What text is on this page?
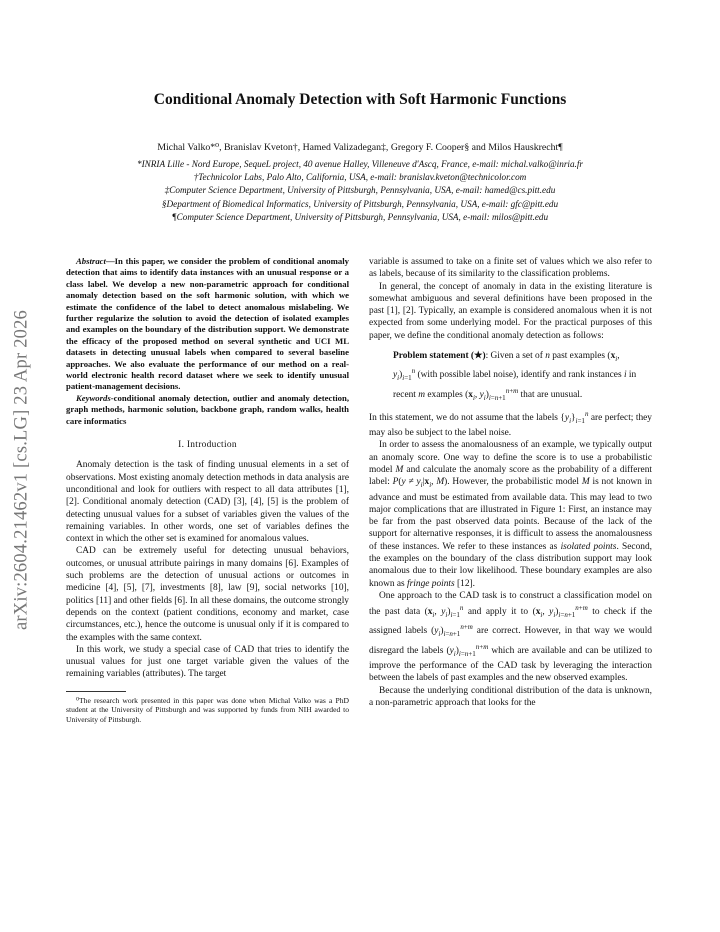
arXiv:2604.21462v1 [cs.LG] 23 Apr 2026
Conditional Anomaly Detection with Soft Harmonic Functions
Michal Valko*⁰, Branislav Kveton†, Hamed Valizadegan‡, Gregory F. Cooper§ and Milos Hauskrecht¶
*INRIA Lille - Nord Europe, SequeL project, 40 avenue Halley, Villeneuve d'Ascq, France, e-mail: michal.valko@inria.fr
†Technicolor Labs, Palo Alto, California, USA, e-mail: branislav.kveton@technicolor.com
‡Computer Science Department, University of Pittsburgh, Pennsylvania, USA, e-mail: hamed@cs.pitt.edu
§Department of Biomedical Informatics, University of Pittsburgh, Pennsylvania, USA, e-mail: gfc@pitt.edu
¶Computer Science Department, University of Pittsburgh, Pennsylvania, USA, e-mail: milos@pitt.edu

Abstract—In this paper, we consider the problem of conditional anomaly detection that aims to identify data instances with an unusual response or a class label. We develop a new non-parametric approach for conditional anomaly detection based on the soft harmonic solution, with which we estimate the confidence of the label to detect anomalous mislabeling. We further regularize the solution to avoid the detection of isolated examples and examples on the boundary of the distribution support. We demonstrate the efficacy of the proposed method on several synthetic and UCI ML datasets in detecting unusual labels when compared to several baseline approaches. We also evaluate the performance of our method on a real-world electronic health record dataset where we seek to identify unusual patient-management decisions.

Keywords-conditional anomaly detection, outlier and anomaly detection, graph methods, harmonic solution, backbone graph, random walks, health care informatics

I. Introduction

Anomaly detection is the task of finding unusual elements in a set of observations. Most existing anomaly detection methods in data analysis are unconditional and look for outliers with respect to all data attributes [1], [2]. Conditional anomaly detection (CAD) [3], [4], [5] is the problem of detecting unusual values for a subset of variables given the values of the remaining variables. In other words, one set of variables defines the context in which the other set is examined for anomalous values.

CAD can be extremely useful for detecting unusual behaviors, outcomes, or unusual attribute pairings in many domains [6]. Examples of such problems are the detection of unusual actions or outcomes in medicine [4], [5], [7], investments [8], law [9], social networks [10], politics [11] and other fields [6]. In all these domains, the outcome strongly depends on the context (patient conditions, economy and market, case circumstances, etc.), hence the outcome is unusual only if it is compared to the examples with the same context.

In this work, we study a special case of CAD that tries to identify the unusual values for just one target variable given the values of the remaining variables (attributes). The target

⁰The research work presented in this paper was done when Michal Valko was a PhD student at the University of Pittsburgh and was supported by funds from NIH awarded to University of Pittsburgh.

variable is assumed to take on a finite set of values which we also refer to as labels, because of its similarity to the classification problems.

In general, the concept of anomaly in data in the existing literature is somewhat ambiguous and several definitions have been proposed in the past [1], [2]. Typically, an example is considered anomalous when it is not expected from some underlying model. For the practical purposes of this paper, we define the conditional anomaly detection as follows:

Problem statement (★): Given a set of n past examples ($x_i$, $y_i)_{i=1}^n$ (with possible label noise), identify and rank instances i in recent m examples ($x_i$, $y_i)_{i=n+1}^{n+m}$ that are unusual.

In this statement, we do not assume that the labels $\{y_i\}_{i=1}^n$ are perfect; they may also be subject to the label noise.

In order to assess the anomalousness of an example, we typically output an anomaly score. One way to define the score is to use a probabilistic model M and calculate the anomaly score as the probability of a different label: $P(y \ne y_i|x_i$, M). However, the probabilistic model M is not known in advance and must be estimated from available data. This may lead to two major complications that are illustrated in Figure 1: First, an instance may be far from the past observed data points. Because of the lack of the support for alternative responses, it is difficult to assess the anomalousness of these instances. We refer to these instances as isolated points. Second, the examples on the boundary of the class distribution support may look anomalous due to their low likelihood. These boundary examples are also known as fringe points [12].

One approach to the CAD task is to construct a classification model on the past data ($x_i$, $y_i)_{i=1}^n$ and apply it to ($x_i$, $y_i)_{i=n+1}^{n+m}$ to check if the assigned labels $(y_i)_{i=n+1}^{n+m}$ are correct. However, in that way we would disregard the labels $(y_i)_{i=n+1}^{n+m}$ which are available and can be utilized to improve the performance of the CAD task by leveraging the interaction between the labels of past examples and the new observed examples.

Because the underlying conditional distribution of the data is unknown, a non-parametric approach that looks for the
